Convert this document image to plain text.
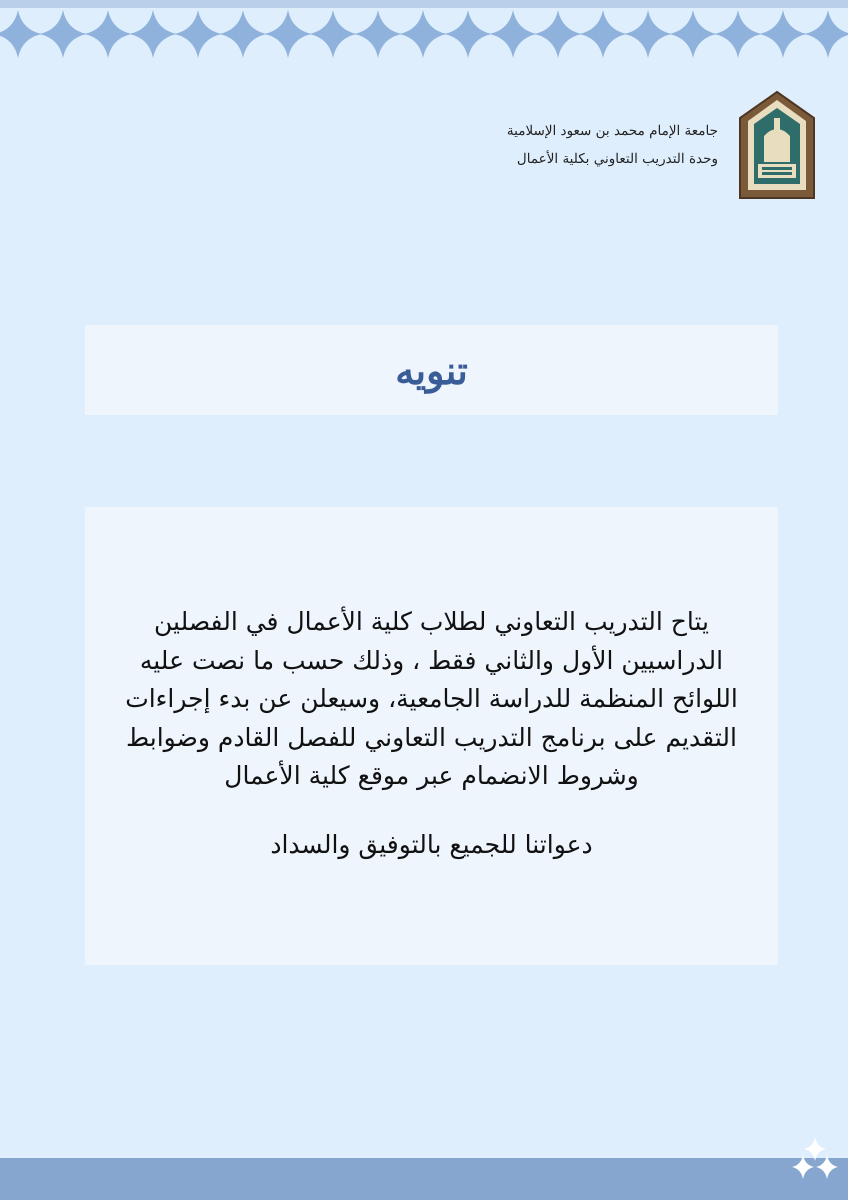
جامعة الإمام محمد بن سعود الإسلامية
وحدة التدريب التعاوني بكلية الأعمال
تنويه
يتاح التدريب التعاوني لطلاب كلية الأعمال في الفصلين الدراسيين الأول والثاني فقط ، وذلك حسب ما نصت عليه اللوائح المنظمة للدراسة الجامعية، وسيعلن عن بدء إجراءات التقديم على برنامج التدريب التعاوني للفصل القادم وضوابط وشروط الانضمام عبر موقع كلية الأعمال
دعواتنا للجميع بالتوفيق والسداد
